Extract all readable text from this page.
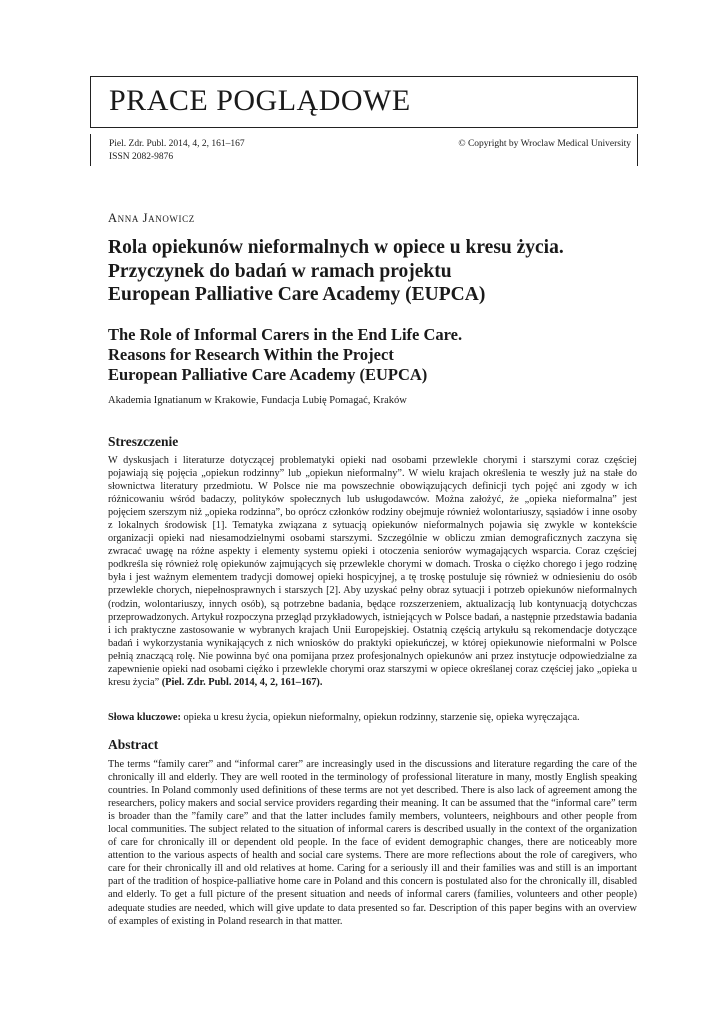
PRACE POGLĄDOWE
Piel. Zdr. Publ. 2014, 4, 2, 161–167
ISSN 2082-9876
© Copyright by Wroclaw Medical University
Anna Janowicz
Rola opiekunów nieformalnych w opiece u kresu życia.
Przyczynek do badań w ramach projektu
European Palliative Care Academy (EUPCA)
The Role of Informal Carers in the End Life Care.
Reasons for Research Within the Project
European Palliative Care Academy (EUPCA)
Akademia Ignatianum w Krakowie, Fundacja Lubię Pomagać, Kraków
Streszczenie

W dyskusjach i literaturze dotyczącej problematyki opieki nad osobami przewlekle chorymi i starszymi coraz częściej pojawiają się pojęcia „opiekun rodzinny” lub „opiekun nieformalny”. W wielu krajach określenia te weszły już na stałe do słownictwa literatury przedmiotu. W Polsce nie ma powszechnie obowiązujących definicji tych pojęć ani zgody w ich różnicowaniu wśród badaczy, polityków społecznych lub usługodawców. Można założyć, że „opieka nieformalna” jest pojęciem szerszym niż „opieka rodzinna”, bo oprócz członków rodziny obejmuje również wolontariuszy, sąsiadów i inne osoby z lokalnych środowisk [1]. Tematyka związana z sytuacją opiekunów nieformalnych pojawia się zwykle w kontekście organizacji opieki nad niesamodzielnymi osobami starszymi. Szczególnie w obliczu zmian demograficznych zaczyna się zwracać uwagę na różne aspekty i elementy systemu opieki i otoczenia seniorów wymagających wsparcia. Coraz częściej podkreśla się również rolę opiekunów zajmujących się przewlekle chorymi w domach. Troska o ciężko chorego i jego rodzinę była i jest ważnym elementem tradycji domowej opieki hospicyjnej, a tę troskę postuluje się również w odniesieniu do osób przewlekle chorych, niepełnosprawnych i starszych [2]. Aby uzyskać pełny obraz sytuacji i potrzeb opiekunów nieformalnych (rodzin, wolontariuszy, innych osób), są potrzebne badania, będące rozszerzeniem, aktualizacją lub kontynuacją dotychczas przeprowadzonych. Artykuł rozpoczyna przegląd przykładowych, istniejących w Polsce badań, a następnie przedstawia badania i ich praktyczne zastosowanie w wybranych krajach Unii Europejskiej. Ostatnią częścią artykułu są rekomendacje dotyczące badań i wykorzystania wynikających z nich wniosków do praktyki opiekuńczej, w której opiekunowie nieformalni w Polsce pełnią znaczącą rolę. Nie powinna być ona pomijana przez profesjonalnych opiekunów ani przez instytucje odpowiedzialne za zapewnienie opieki nad osobami ciężko i przewlekle chorymi oraz starszymi w opiece określanej coraz częściej jako „opieka u kresu życia” (Piel. Zdr. Publ. 2014, 4, 2, 161–167).

Słowa kluczowe: opieka u kresu życia, opiekun nieformalny, opiekun rodzinny, starzenie się, opieka wyręczająca.
Abstract

The terms “family carer” and “informal carer” are increasingly used in the discussions and literature regarding the care of the chronically ill and elderly. They are well rooted in the terminology of professional literature in many, mostly English speaking countries. In Poland commonly used definitions of these terms are not yet described. There is also lack of agreement among the researchers, policy makers and social service providers regarding their meaning. It can be assumed that the “informal care” term is broader than the ”family care” and that the latter includes family members, volunteers, neighbours and other people from local communities. The subject related to the situation of informal carers is described usually in the context of the organization of care for chronically ill or dependent old people. In the face of evident demographic changes, there are noticeably more attention to the various aspects of health and social care systems. There are more reflections about the role of caregivers, who care for their chronically ill and old relatives at home. Caring for a seriously ill and their families was and still is an important part of the tradition of hospice-palliative home care in Poland and this concern is postulated also for the chronically ill, disabled and elderly. To get a full picture of the present situation and needs of informal carers (families, volunteers and other people) adequate studies are needed, which will give update to data presented so far. Description of this paper begins with an overview of examples of existing in Poland research in that matter.
